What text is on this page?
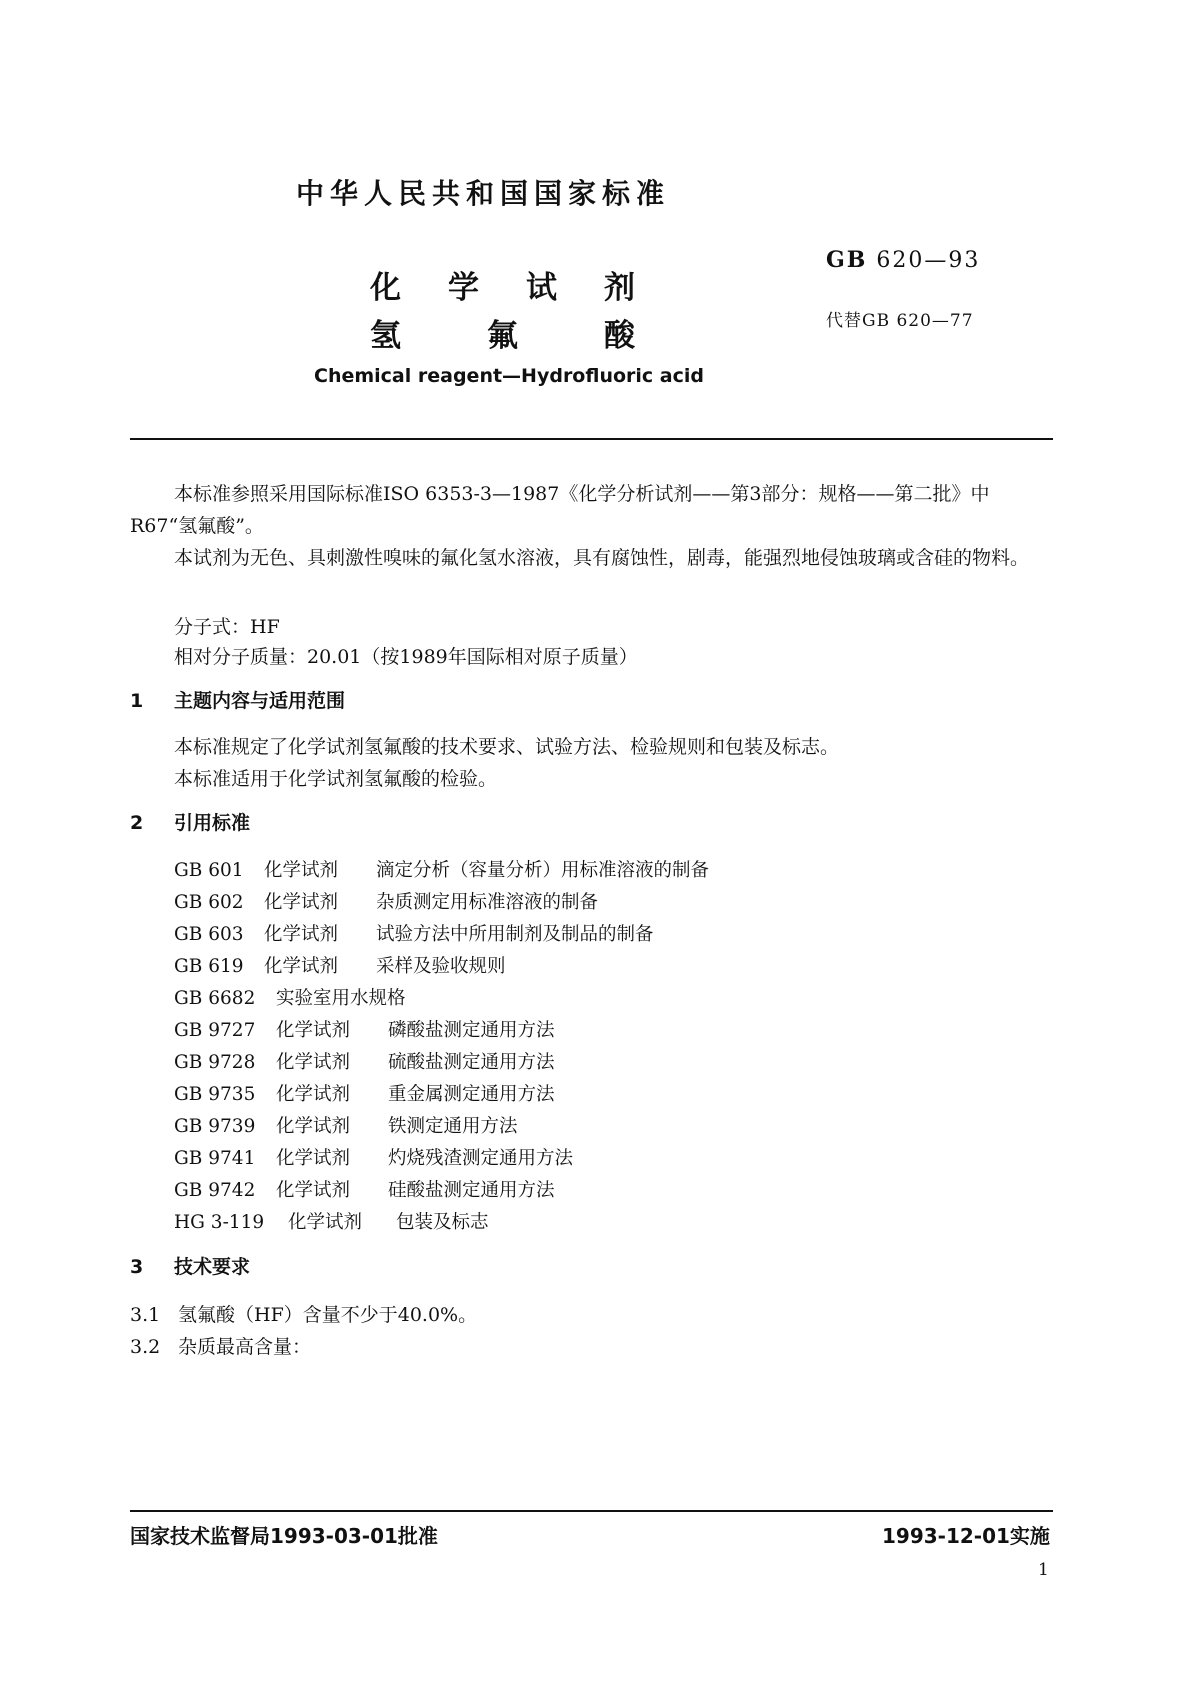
中华人民共和国国家标准
化 学 试 剂
氢	氟	酸
GB 620—93
代替GB 620—77
Chemical reagent—Hydrofluoric acid
本标准参照采用国际标准ISO 6353-3—1987《化学分析试剂——第3部分：规格——第二批》中R67“氢氟酸”。
本试剂为无色、具刺激性嗅味的氟化氢水溶液，具有腐蚀性，剧毒，能强烈地侵蚀玻璃或含硅的物料。
分子式：HF
相对分子质量：20.01（按1989年国际相对原子质量）
1 主题内容与适用范围
本标准规定了化学试剂氢氟酸的技术要求、试验方法、检验规则和包装及标志。
本标准适用于化学试剂氢氟酸的检验。
2 引用标准
GB 601 化学试剂 滴定分析（容量分析）用标准溶液的制备
GB 602 化学试剂 杂质测定用标准溶液的制备
GB 603 化学试剂 试验方法中所用制剂及制品的制备
GB 619 化学试剂 采样及验收规则
GB 6682 实验室用水规格
GB 9727 化学试剂 磷酸盐测定通用方法
GB 9728 化学试剂 硫酸盐测定通用方法
GB 9735 化学试剂 重金属测定通用方法
GB 9739 化学试剂 铁测定通用方法
GB 9741 化学试剂 灼烧残渣测定通用方法
GB 9742 化学试剂 硅酸盐测定通用方法
HG 3-119 化学试剂 包装及标志
3 技术要求
3.1 氢氟酸（HF）含量不少于40.0%。
3.2 杂质最高含量：
国家技术监督局1993-03-01批准	1993-12-01实施
1
